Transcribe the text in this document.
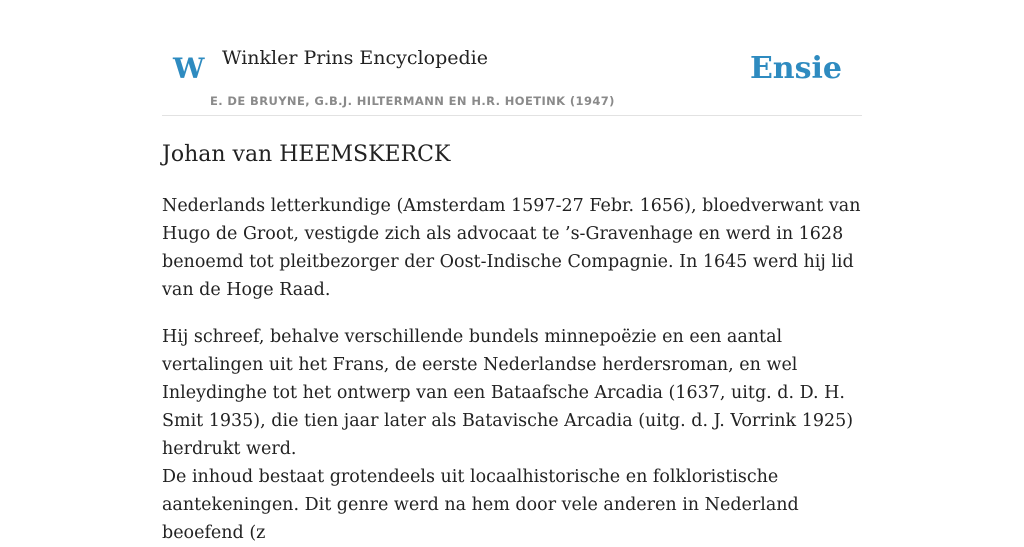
W Winkler Prins Encyclopedie
E. DE BRUYNE, G.B.J. HILTERMANN EN H.R. HOETINK (1947)
Ensie
Johan van HEEMSKERCK

Nederlands letterkundige (Amsterdam 1597-27 Febr. 1656), bloedverwant van Hugo de Groot, vestigde zich als advocaat te ’s-Gravenhage en werd in 1628 benoemd tot pleitbezorger der Oost-Indische Compagnie. In 1645 werd hij lid van de Hoge Raad.

Hij schreef, behalve verschillende bundels minnepoëzie en een aantal vertalingen uit het Frans, de eerste Nederlandse herdersroman, en wel Inleydinghe tot het ontwerp van een Bataafsche Arcadia (1637, uitg. d. D. H. Smit 1935), die tien jaar later als Batavische Arcadia (uitg. d. J. Vorrink 1925) herdrukt werd.

De inhoud bestaat grotendeels uit locaalhistorische en folkloristische aantekeningen. Dit genre werd na hem door vele anderen in Nederland beoefend (z
